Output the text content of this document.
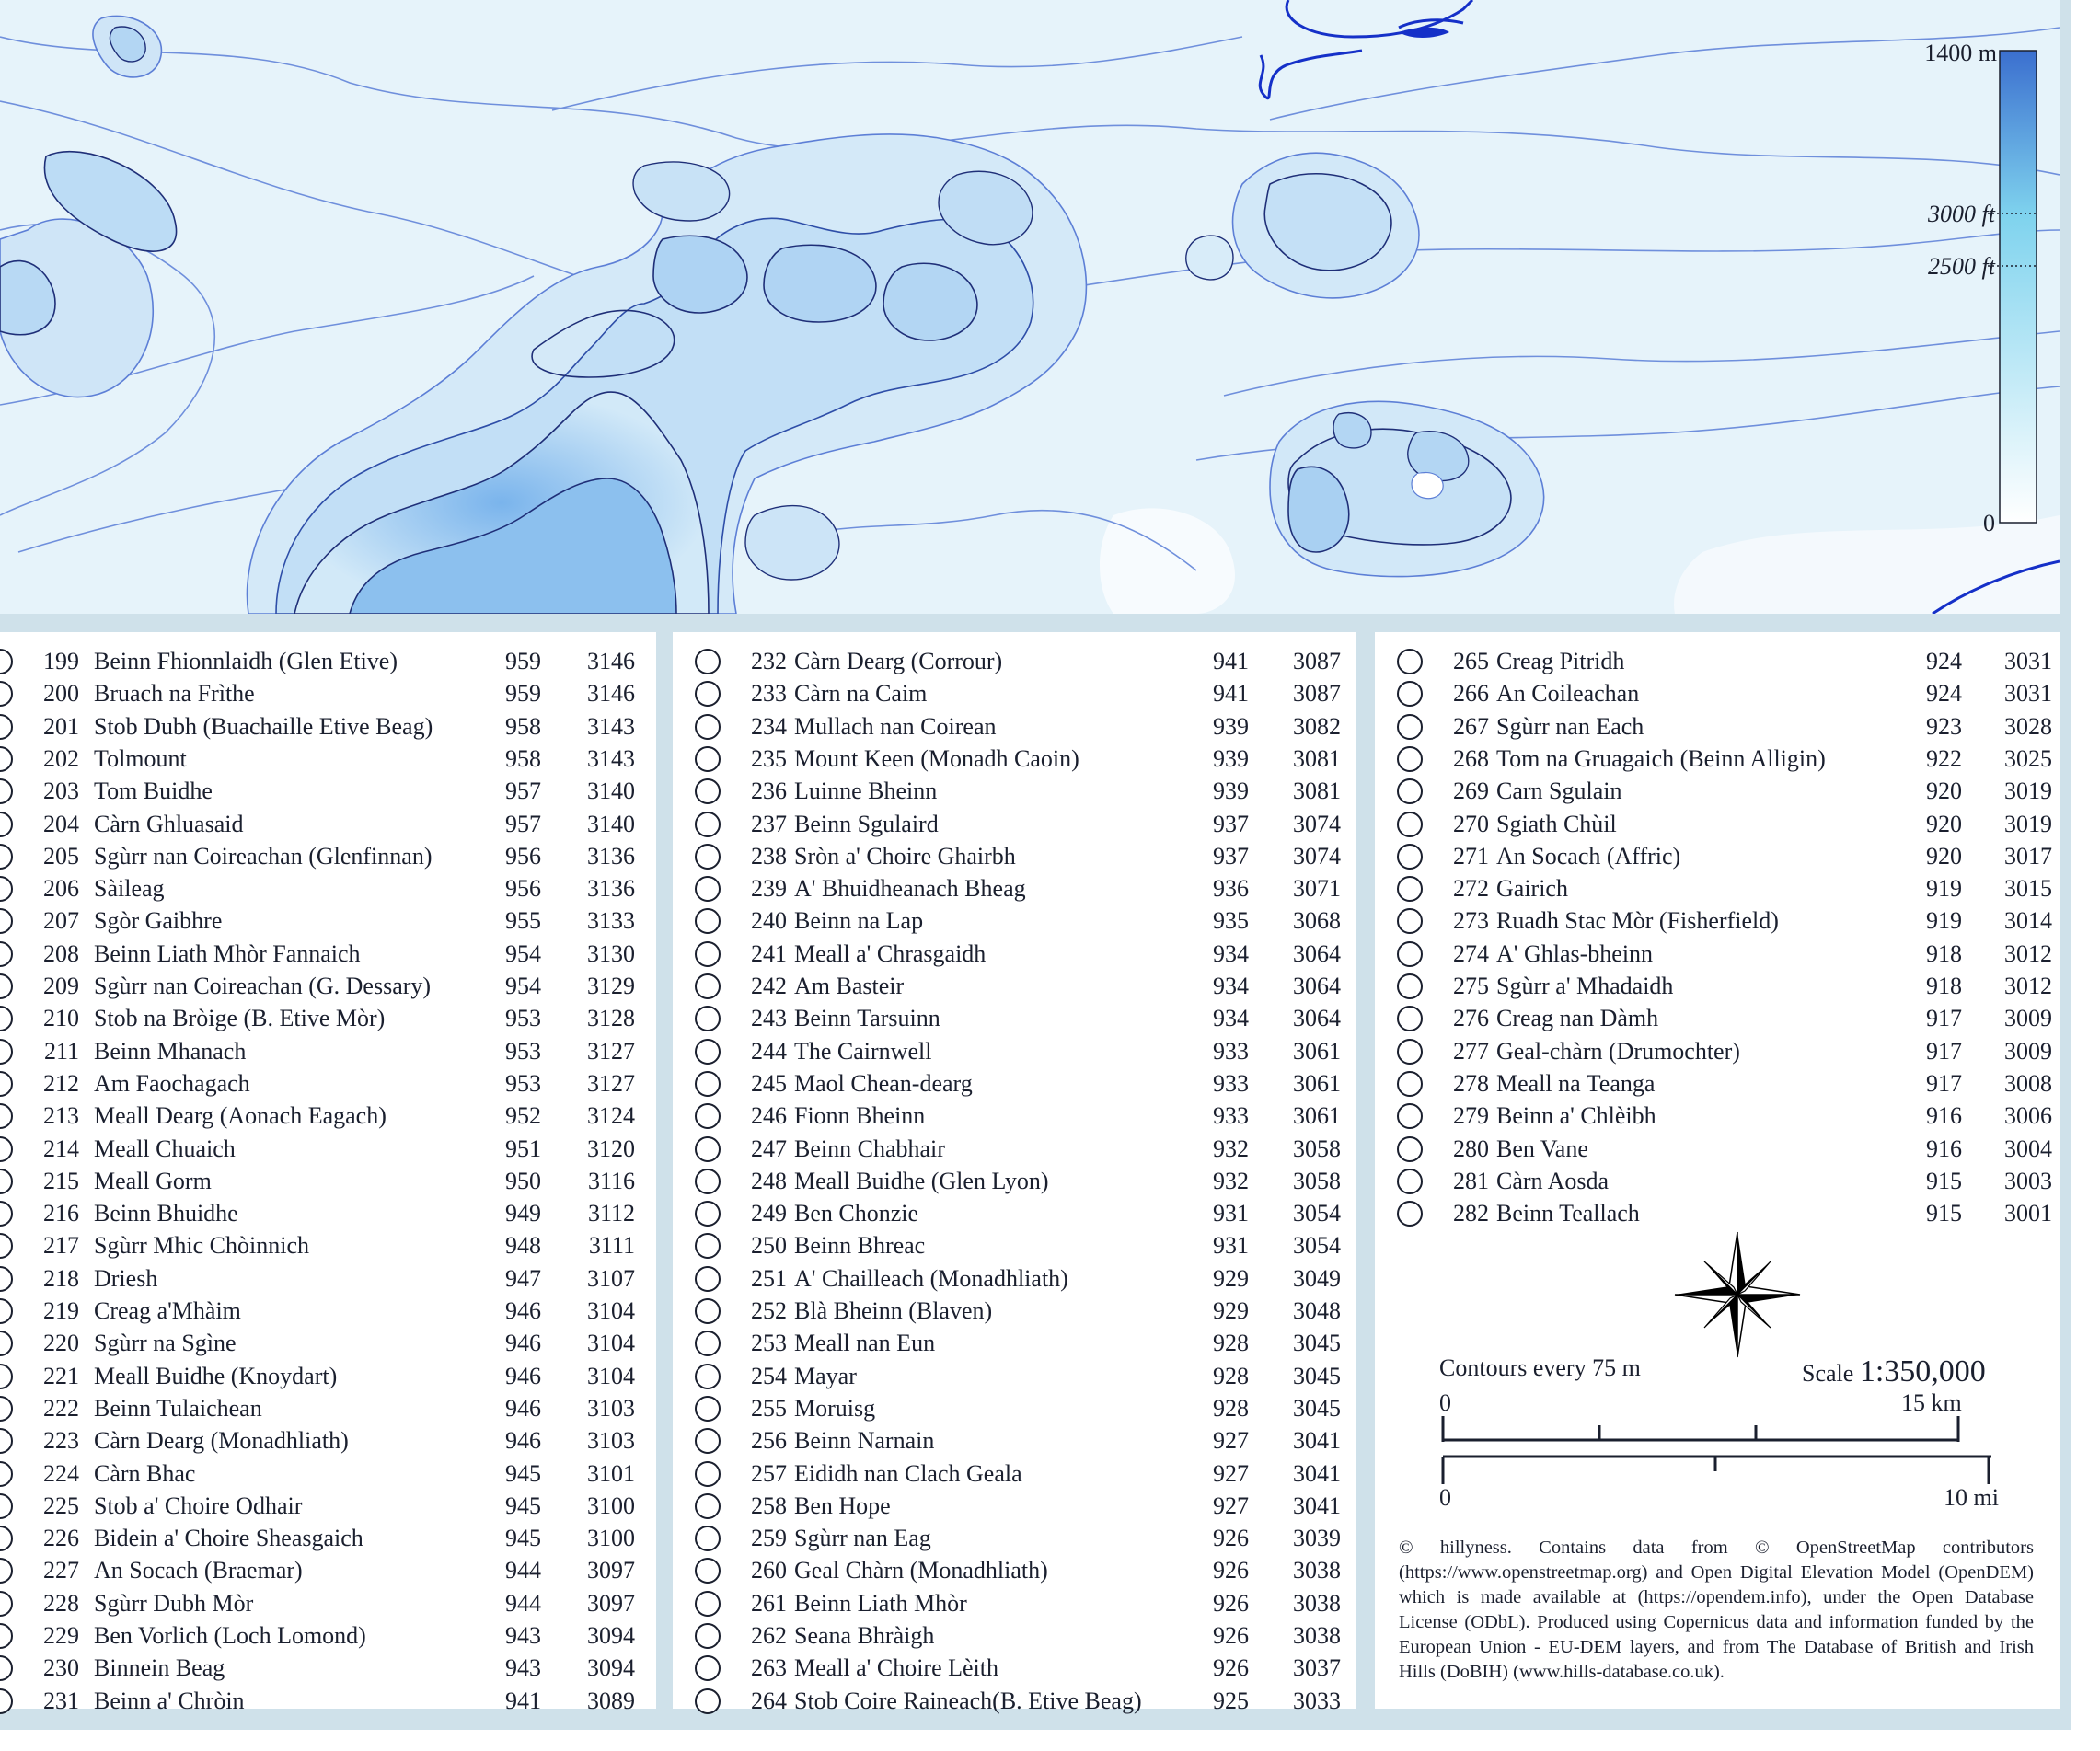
1400 m
3000 ft
2500 ft
0
199 Beinn Fhionnlaidh (Glen Etive)	959	3146
200 Bruach na Frìthe	959	3146
201 Stob Dubh (Buachaille Etive Beag)	958	3143
202 Tolmount	958	3143
203 Tom Buidhe	957	3140
204 Càrn Ghluasaid	957	3140
205 Sgùrr nan Coireachan (Glenfinnan)	956	3136
206 Sàileag	956	3136
207 Sgòr Gaibhre	955	3133
208 Beinn Liath Mhòr Fannaich	954	3130
209 Sgùrr nan Coireachan (G. Dessary)	954	3129
210 Stob na Bròige (B. Etive Mòr)	953	3128
211 Beinn Mhanach	953	3127
212 Am Faochagach	953	3127
213 Meall Dearg (Aonach Eagach)	952	3124
214 Meall Chuaich	951	3120
215 Meall Gorm	950	3116
216 Beinn Bhuidhe	949	3112
217 Sgùrr Mhic Chòinnich	948	3111
218 Driesh	947	3107
219 Creag a'Mhàim	946	3104
220 Sgùrr na Sgìne	946	3104
221 Meall Buidhe (Knoydart)	946	3104
222 Beinn Tulaichean	946	3103
223 Càrn Dearg (Monadhliath)	946	3103
224 Càrn Bhac	945	3101
225 Stob a' Choire Odhair	945	3100
226 Bidein a' Choire Sheasgaich	945	3100
227 An Socach (Braemar)	944	3097
228 Sgùrr Dubh Mòr	944	3097
229 Ben Vorlich (Loch Lomond)	943	3094
230 Binnein Beag	943	3094
231 Beinn a' Chròin	941	3089
232 Càrn Dearg (Corrour)	941	3087
233 Càrn na Caim	941	3087
234 Mullach nan Coirean	939	3082
235 Mount Keen (Monadh Caoin)	939	3081
236 Luinne Bheinn	939	3081
237 Beinn Sgulaird	937	3074
238 Sròn a' Choire Ghairbh	937	3074
239 A' Bhuidheanach Bheag	936	3071
240 Beinn na Lap	935	3068
241 Meall a' Chrasgaidh	934	3064
242 Am Basteir	934	3064
243 Beinn Tarsuinn	934	3064
244 The Cairnwell	933	3061
245 Maol Chean-dearg	933	3061
246 Fionn Bheinn	933	3061
247 Beinn Chabhair	932	3058
248 Meall Buidhe (Glen Lyon)	932	3058
249 Ben Chonzie	931	3054
250 Beinn Bhreac	931	3054
251 A' Chailleach (Monadhliath)	929	3049
252 Blà Bheinn (Blaven)	929	3048
253 Meall nan Eun	928	3045
254 Mayar	928	3045
255 Moruisg	928	3045
256 Beinn Narnain	927	3041
257 Eididh nan Clach Geala	927	3041
258 Ben Hope	927	3041
259 Sgùrr nan Eag	926	3039
260 Geal Chàrn (Monadhliath)	926	3038
261 Beinn Liath Mhòr	926	3038
262 Seana Bhràigh	926	3038
263 Meall a' Choire Lèith	926	3037
264 Stob Coire Raineach(B. Etive Beag)	925	3033
Contours every 75 m	Scale 1:350,000
0	15 km
0	10 mi
© hillyness. Contains data from © OpenStreetMap contributors (https://www.openstreetmap.org) and Open Digital Elevation Model (OpenDEM) which is made available at (https://opendem.info), under the Open Database License (ODbL). Produced using Copernicus data and information funded by the European Union - EU-DEM layers, and from The Database of British and Irish Hills (DoBIH) (www.hills-database.co.uk).
265 Creag Pitridh	924	3031
266 An Coileachan	924	3031
267 Sgùrr nan Each	923	3028
268 Tom na Gruagaich (Beinn Alligin)	922	3025
269 Carn Sgulain	920	3019
270 Sgiath Chùil	920	3019
271 An Socach (Affric)	920	3017
272 Gairich	919	3015
273 Ruadh Stac Mòr (Fisherfield)	919	3014
274 A' Ghlas-bheinn	918	3012
275 Sgùrr a' Mhadaidh	918	3012
276 Creag nan Dàmh	917	3009
277 Geal-chàrn (Drumochter)	917	3009
278 Meall na Teanga	917	3008
279 Beinn a' Chlèibh	916	3006
280 Ben Vane	916	3004
281 Càrn Aosda	915	3003
282 Beinn Teallach	915	3001
